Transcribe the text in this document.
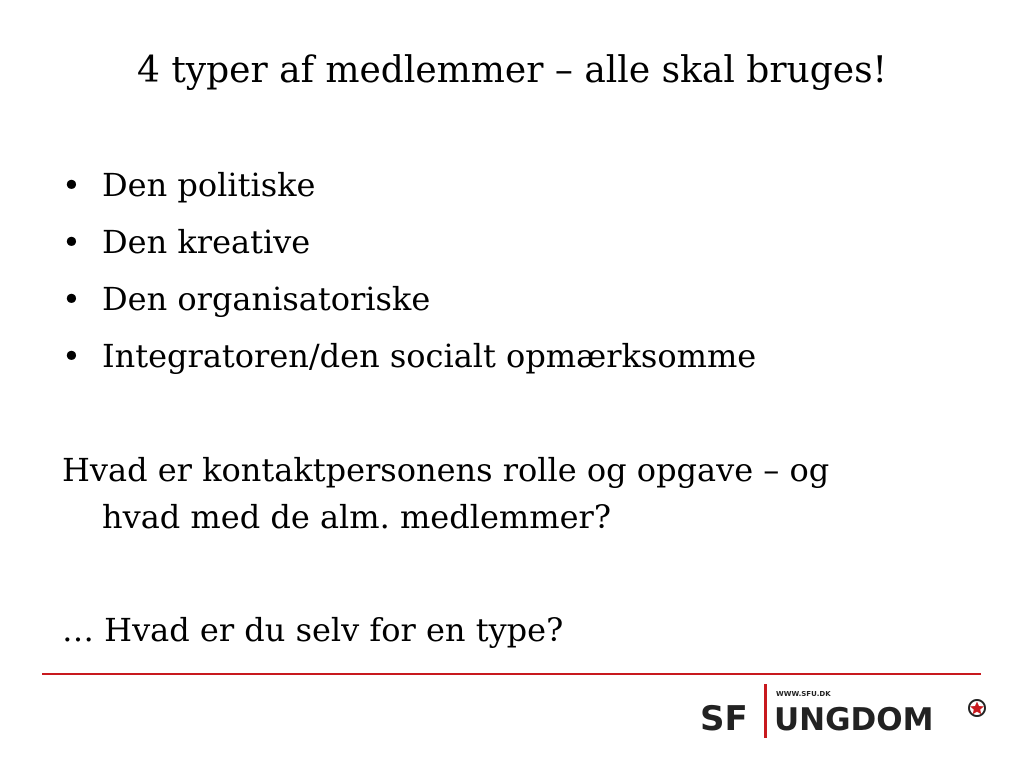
4 typer af medlemmer – alle skal bruges!
• Den politiske
• Den kreative
• Den organisatoriske
• Integratoren/den socialt opmærksomme

Hvad er kontaktpersonens rolle og opgave – og
hvad med de alm. medlemmer?

… Hvad er du selv for en type?

SF
WWW.SFU.DK
UNGDOM
